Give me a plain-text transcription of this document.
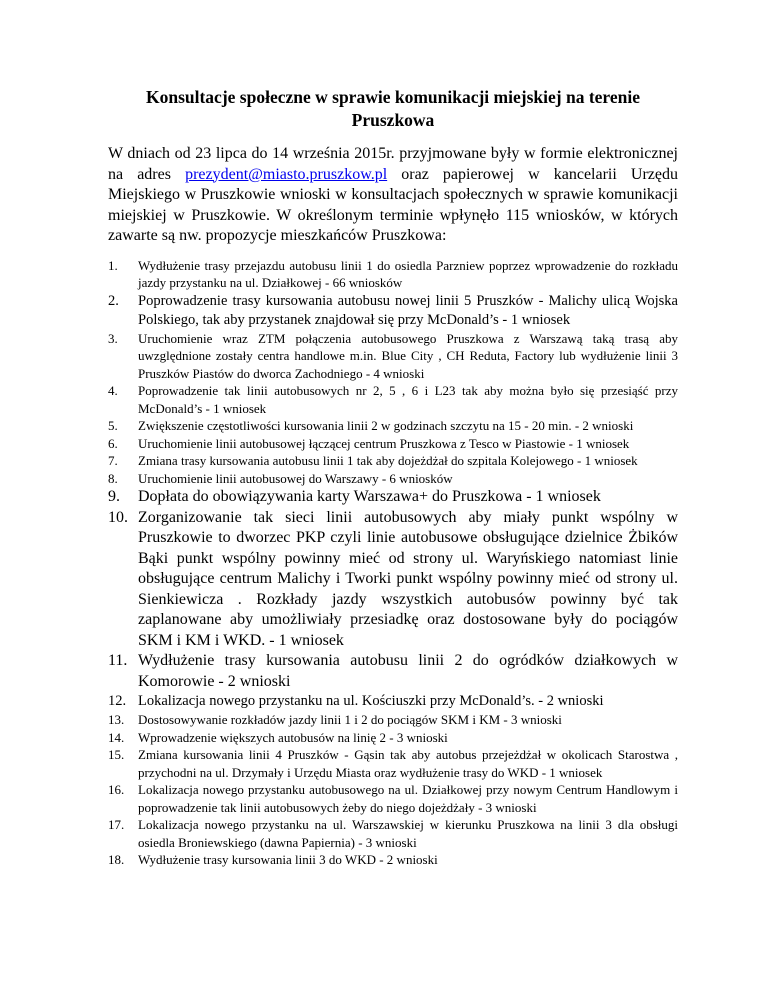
Konsultacje społeczne w sprawie komunikacji miejskiej na terenie Pruszkowa

W dniach od 23 lipca do 14 września 2015r. przyjmowane były w formie elektronicznej na adres prezydent@miasto.pruszkow.pl oraz papierowej w kancelarii Urzędu Miejskiego w Pruszkowie wnioski w konsultacjach społecznych w sprawie komunikacji miejskiej w Pruszkowie. W określonym terminie wpłynęło 115 wniosków, w których zawarte są nw. propozycje mieszkańców Pruszkowa:

1.	Wydłużenie trasy przejazdu autobusu linii 1 do osiedla Parzniew poprzez wprowadzenie do rozkładu jazdy przystanku na ul. Działkowej - 66 wniosków
2.	Poprowadzenie trasy kursowania autobusu nowej linii 5 Pruszków - Malichy ulicą Wojska Polskiego, tak aby przystanek znajdował się przy McDonald’s - 1 wniosek
3.	Uruchomienie wraz ZTM połączenia autobusowego Pruszkowa z Warszawą taką trasą aby uwzględnione zostały centra handlowe m.in. Blue City , CH Reduta, Factory lub wydłużenie linii 3 Pruszków Piastów do dworca Zachodniego - 4 wnioski
4.	Poprowadzenie tak linii autobusowych nr 2, 5 , 6 i L23 tak aby można było się przesiąść przy McDonald’s - 1 wniosek
5.	Zwiększenie częstotliwości kursowania linii 2 w godzinach szczytu na 15 - 20 min. - 2 wnioski
6.	Uruchomienie linii autobusowej łączącej centrum Pruszkowa z Tesco w Piastowie - 1 wniosek
7.	Zmiana trasy kursowania autobusu linii 1 tak aby dojeżdżał do szpitala Kolejowego - 1 wniosek
8.	Uruchomienie linii autobusowej do Warszawy - 6 wniosków
9.	Dopłata do obowiązywania karty Warszawa+ do Pruszkowa - 1 wniosek
10. Zorganizowanie tak sieci linii autobusowych aby miały punkt wspólny w Pruszkowie to dworzec PKP czyli linie autobusowe obsługujące dzielnice Żbików Bąki punkt wspólny powinny mieć od strony ul. Waryńskiego natomiast linie obsługujące centrum Malichy i Tworki punkt wspólny powinny mieć od strony ul. Sienkiewicza . Rozkłady jazdy wszystkich autobusów powinny być tak zaplanowane aby umożliwiały przesiadkę oraz dostosowane były do pociągów SKM i KM i WKD. - 1 wniosek
11. Wydłużenie trasy kursowania autobusu linii 2 do ogródków działkowych w Komorowie - 2 wnioski
12. Lokalizacja nowego przystanku na ul. Kościuszki przy McDonald’s. - 2 wnioski
13.	Dostosowywanie rozkładów jazdy linii 1 i 2 do pociągów SKM i KM - 3 wnioski
14.	Wprowadzenie większych autobusów na linię 2 - 3 wnioski
15.	Zmiana kursowania linii 4 Pruszków - Gąsin tak aby autobus przejeżdżał w okolicach Starostwa , przychodni na ul. Drzymały i Urzędu Miasta oraz wydłużenie trasy do WKD - 1 wniosek
16.	Lokalizacja nowego przystanku autobusowego na ul. Działkowej przy nowym Centrum Handlowym i poprowadzenie tak linii autobusowych żeby do niego dojeżdżały - 3 wnioski
17.	Lokalizacja nowego przystanku na ul. Warszawskiej w kierunku Pruszkowa na linii 3 dla obsługi osiedla Broniewskiego (dawna Papiernia) - 3 wnioski
18.	Wydłużenie trasy kursowania linii 3 do WKD - 2 wnioski
